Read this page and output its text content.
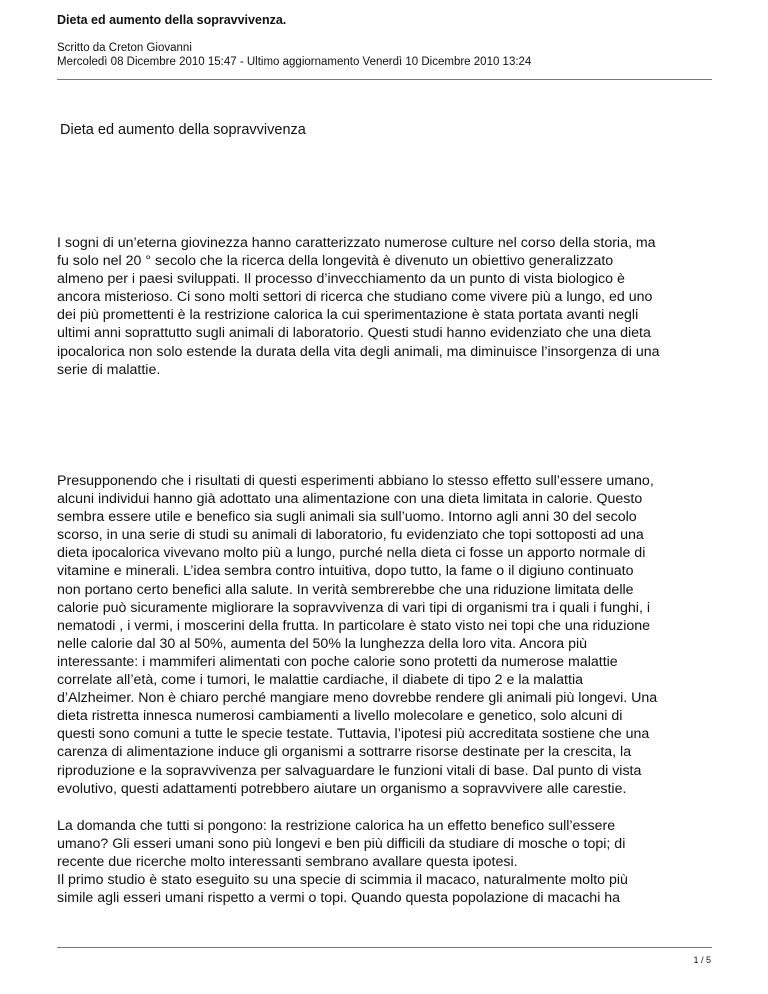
Dieta ed aumento della sopravvivenza.
Scritto da Creton Giovanni
Mercoledì 08 Dicembre 2010 15:47 - Ultimo aggiornamento Venerdì 10 Dicembre 2010 13:24
Dieta ed aumento della sopravvivenza
I sogni di un’eterna giovinezza hanno caratterizzato numerose culture nel corso della storia, ma
fu solo nel 20 ° secolo che la ricerca della longevità è divenuto un obiettivo generalizzato
almeno per i paesi sviluppati. Il processo d’invecchiamento da un punto di vista biologico è
ancora misterioso. Ci sono molti settori di ricerca che studiano come vivere più a lungo, ed uno
dei più promettenti è la restrizione calorica la cui sperimentazione è stata portata avanti negli
ultimi anni soprattutto sugli animali di laboratorio. Questi studi hanno evidenziato che una dieta
ipocalorica non solo estende la durata della vita degli animali, ma diminuisce l’insorgenza di una
serie di malattie.
Presupponendo che i risultati di questi esperimenti abbiano lo stesso effetto sull’essere umano,
alcuni individui hanno già adottato una alimentazione con una dieta limitata in calorie. Questo
sembra essere utile e benefico sia sugli animali sia sull’uomo. Intorno agli anni 30 del secolo
scorso, in una serie di studi su animali di laboratorio, fu evidenziato che topi sottoposti ad una
dieta ipocalorica vivevano molto più a lungo, purché nella dieta ci fosse un apporto normale di
vitamine e minerali. L’idea sembra contro intuitiva, dopo tutto, la fame o il digiuno continuato
non portano certo benefici alla salute. In verità sembrerebbe che una riduzione limitata delle
calorie può sicuramente migliorare la sopravvivenza di vari tipi di organismi tra i quali i funghi, i
nematodi , i vermi, i moscerini della frutta. In particolare è stato visto nei topi che una riduzione
nelle calorie dal 30 al 50%, aumenta del 50% la lunghezza della loro vita. Ancora più
interessante: i mammiferi alimentati con poche calorie sono protetti da numerose malattie
correlate all’età, come i tumori, le malattie cardiache, il diabete di tipo 2 e la malattia
d’Alzheimer. Non è chiaro perché mangiare meno dovrebbe rendere gli animali più longevi. Una
dieta ristretta innesca numerosi cambiamenti a livello molecolare e genetico, solo alcuni di
questi sono comuni a tutte le specie testate. Tuttavia, l’ipotesi più accreditata sostiene che una
carenza di alimentazione induce gli organismi a sottrarre risorse destinate per la crescita, la
riproduzione e la sopravvivenza per salvaguardare le funzioni vitali di base. Dal punto di vista
evolutivo, questi adattamenti potrebbero aiutare un organismo a sopravvivere alle carestie.
La domanda che tutti si pongono: la restrizione calorica ha un effetto benefico sull’essere
umano? Gli esseri umani sono più longevi e ben più difficili da studiare di mosche o topi; di
recente due ricerche molto interessanti sembrano avallare questa ipotesi.
Il primo studio è stato eseguito su una specie di scimmia il macaco, naturalmente molto più
simile agli esseri umani rispetto a vermi o topi. Quando questa popolazione di macachi ha
1 / 5
